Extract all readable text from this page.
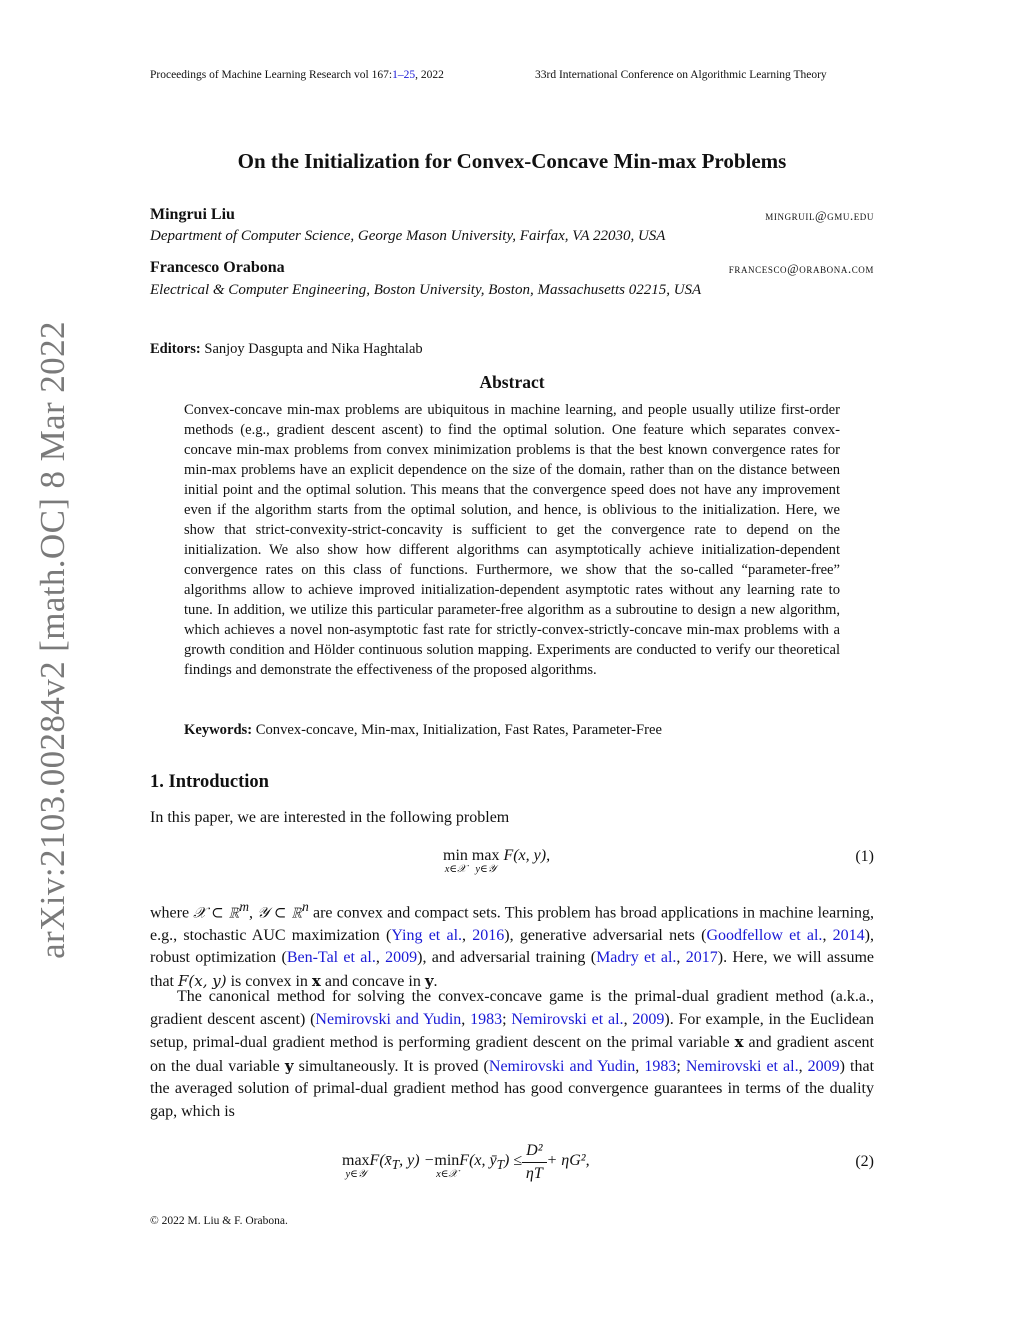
Proceedings of Machine Learning Research vol 167:1–25, 2022	33rd International Conference on Algorithmic Learning Theory
arXiv:2103.00284v2 [math.OC] 8 Mar 2022
On the Initialization for Convex-Concave Min-max Problems
Mingrui Liu	mingruil@gmu.edu
Department of Computer Science, George Mason University, Fairfax, VA 22030, USA
Francesco Orabona	francesco@orabona.com
Electrical & Computer Engineering, Boston University, Boston, Massachusetts 02215, USA
Editors: Sanjoy Dasgupta and Nika Haghtalab
Abstract

Convex-concave min-max problems are ubiquitous in machine learning, and people usually utilize first-order methods (e.g., gradient descent ascent) to find the optimal solution. One feature which separates convex-concave min-max problems from convex minimization problems is that the best known convergence rates for min-max problems have an explicit dependence on the size of the domain, rather than on the distance between initial point and the optimal solution. This means that the convergence speed does not have any improvement even if the algorithm starts from the optimal solution, and hence, is oblivious to the initialization. Here, we show that strict-convexity-strict-concavity is sufficient to get the convergence rate to depend on the initialization. We also show how different algorithms can asymptotically achieve initialization-dependent convergence rates on this class of functions. Furthermore, we show that the so-called “parameter-free” algorithms allow to achieve improved initialization-dependent asymptotic rates without any learning rate to tune. In addition, we utilize this particular parameter-free algorithm as a subroutine to design a new algorithm, which achieves a novel non-asymptotic fast rate for strictly-convex-strictly-concave min-max problems with a growth condition and Hölder continuous solution mapping. Experiments are conducted to verify our theoretical findings and demonstrate the effectiveness of the proposed algorithms.

Keywords: Convex-concave, Min-max, Initialization, Fast Rates, Parameter-Free
1. Introduction

In this paper, we are interested in the following problem

min
x∈𝒳

max
y∈𝒴
F(x, y),	(1)

where 𝒳 ⊂ ℝ$^m$, 𝒴 ⊂ ℝ$^n$ are convex and compact sets. This problem has broad applications in machine learning, e.g., stochastic AUC maximization (Ying et al., 2016), generative adversarial nets (Goodfellow et al., 2014), robust optimization (Ben-Tal et al., 2009), and adversarial training (Madry et al., 2017). Here, we will assume that F(x, y) is convex in x and concave in y.

The canonical method for solving the convex-concave game is the primal-dual gradient method (a.k.a., gradient descent ascent) (Nemirovski and Yudin, 1983; Nemirovski et al., 2009). For example, in the Euclidean setup, primal-dual gradient method is performing gradient descent on the primal variable x and gradient ascent on the dual variable y simultaneously. It is proved (Nemirovski and Yudin, 1983; Nemirovski et al., 2009) that the averaged solution of primal-dual gradient method has good convergence guarantees in terms of the duality gap, which is

max
y∈𝒴
$F(x̄_T$, y) − min
x∈𝒳
F(x, $ȳ_T) \le \frac{\text{D²}}{\eta T} + \eta G^2$,	(2)
© 2022 M. Liu & F. Orabona.
